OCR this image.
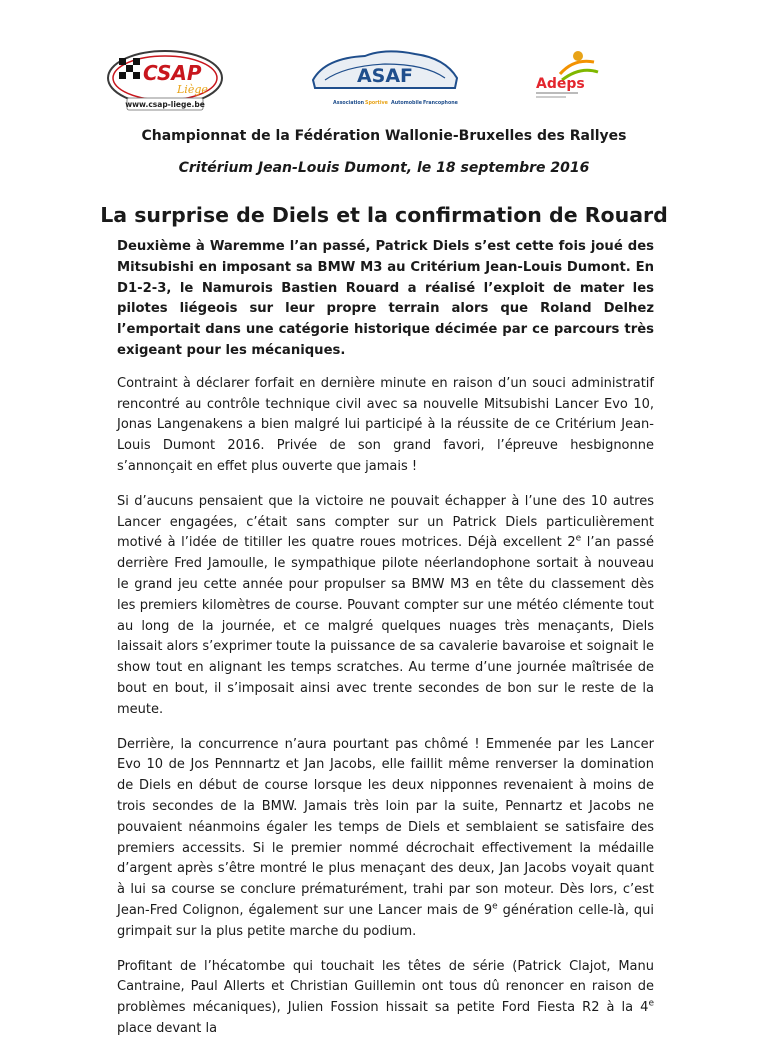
CSAP
Liège
www.csap-liege.be
ASAF
Association Sportive Automobile Francophone
Adeps
Championnat de la Fédération Wallonie-Bruxelles des Rallyes
Critérium Jean-Louis Dumont, le 18 septembre 2016
La surprise de Diels et la confirmation de Rouard

Deuxième à Waremme l’an passé, Patrick Diels s’est cette fois joué des Mitsubishi en imposant sa BMW M3 au Critérium Jean-Louis Dumont. En D1-2-3, le Namurois Bastien Rouard a réalisé l’exploit de mater les pilotes liégeois sur leur propre terrain alors que Roland Delhez l’emportait dans une catégorie historique décimée par ce parcours très exigeant pour les mécaniques.

Contraint à déclarer forfait en dernière minute en raison d’un souci administratif rencontré au contrôle technique civil avec sa nouvelle Mitsubishi Lancer Evo 10, Jonas Langenakens a bien malgré lui participé à la réussite de ce Critérium Jean-Louis Dumont 2016. Privée de son grand favori, l’épreuve hesbignonne s’annonçait en effet plus ouverte que jamais !

Si d’aucuns pensaient que la victoire ne pouvait échapper à l’une des 10 autres Lancer engagées, c’était sans compter sur un Patrick Diels particulièrement motivé à l’idée de titiller les quatre roues motrices. Déjà excellent 2e l’an passé derrière Fred Jamoulle, le sympathique pilote néerlandophone sortait à nouveau le grand jeu cette année pour propulser sa BMW M3 en tête du classement dès les premiers kilomètres de course. Pouvant compter sur une météo clémente tout au long de la journée, et ce malgré quelques nuages très menaçants, Diels laissait alors s’exprimer toute la puissance de sa cavalerie bavaroise et soignait le show tout en alignant les temps scratches. Au terme d’une journée maîtrisée de bout en bout, il s’imposait ainsi avec trente secondes de bon sur le reste de la meute.

Derrière, la concurrence n’aura pourtant pas chômé ! Emmenée par les Lancer Evo 10 de Jos Pennnartz et Jan Jacobs, elle faillit même renverser la domination de Diels en début de course lorsque les deux nipponnes revenaient à moins de trois secondes de la BMW. Jamais très loin par la suite, Pennartz et Jacobs ne pouvaient néanmoins égaler les temps de Diels et semblaient se satisfaire des premiers accessits. Si le premier nommé décrochait effectivement la médaille d’argent après s’être montré le plus menaçant des deux, Jan Jacobs voyait quant à lui sa course se conclure prématurément, trahi par son moteur. Dès lors, c’est Jean-Fred Colignon, également sur une Lancer mais de 9e génération celle-là, qui grimpait sur la plus petite marche du podium.

Profitant de l’hécatombe qui touchait les têtes de série (Patrick Clajot, Manu Cantraine, Paul Allerts et Christian Guillemin ont tous dû renoncer en raison de problèmes mécaniques), Julien Fossion hissait sa petite Ford Fiesta R2 à la 4e place devant la
